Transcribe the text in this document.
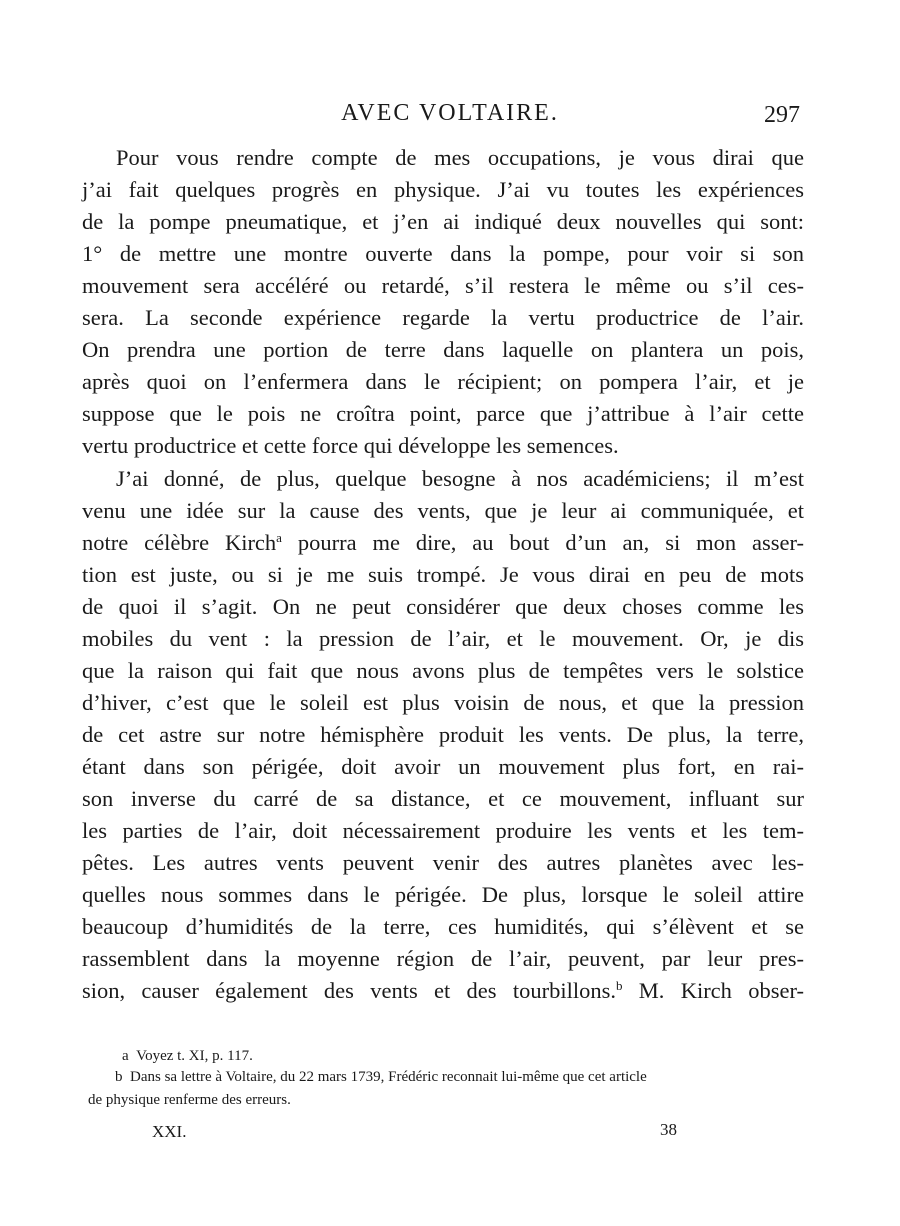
AVEC VOLTAIRE.	297
Pour vous rendre compte de mes occupations, je vous dirai que
j’ai fait quelques progrès en physique. J’ai vu toutes les expériences
de la pompe pneumatique, et j’en ai indiqué deux nouvelles qui sont:
1° de mettre une montre ouverte dans la pompe, pour voir si son
mouvement sera accéléré ou retardé, s’il restera le même ou s’il ces-
sera. La seconde expérience regarde la vertu productrice de l’air.
On prendra une portion de terre dans laquelle on plantera un pois,
après quoi on l’enfermera dans le récipient; on pompera l’air, et je
suppose que le pois ne croîtra point, parce que j’attribue à l’air cette
vertu productrice et cette force qui développe les semences.
J’ai donné, de plus, quelque besogne à nos académiciens; il m’est
venu une idée sur la cause des vents, que je leur ai communiquée, et
notre célèbre Kirch$^a$ pourra me dire, au bout d’un an, si mon asser-
tion est juste, ou si je me suis trompé. Je vous dirai en peu de mots
de quoi il s’agit. On ne peut considérer que deux choses comme les
mobiles du vent : la pression de l’air, et le mouvement. Or, je dis
que la raison qui fait que nous avons plus de tempêtes vers le solstice
d’hiver, c’est que le soleil est plus voisin de nous, et que la pression
de cet astre sur notre hémisphère produit les vents. De plus, la terre,
étant dans son périgée, doit avoir un mouvement plus fort, en rai-
son inverse du carré de sa distance, et ce mouvement, influant sur
les parties de l’air, doit nécessairement produire les vents et les tem-
pêtes. Les autres vents peuvent venir des autres planètes avec les-
quelles nous sommes dans le périgée. De plus, lorsque le soleil attire
beaucoup d’humidités de la terre, ces humidités, qui s’élèvent et se
rassemblent dans la moyenne région de l’air, peuvent, par leur pres-
sion, causer également des vents et des tourbillons.$^b$ M. Kirch obser-
a Voyez t. XI, p. 117.
b Dans sa lettre à Voltaire, du 22 mars 1739, Frédéric reconnait lui-même que cet article
de physique renferme des erreurs.
XXI.	38
